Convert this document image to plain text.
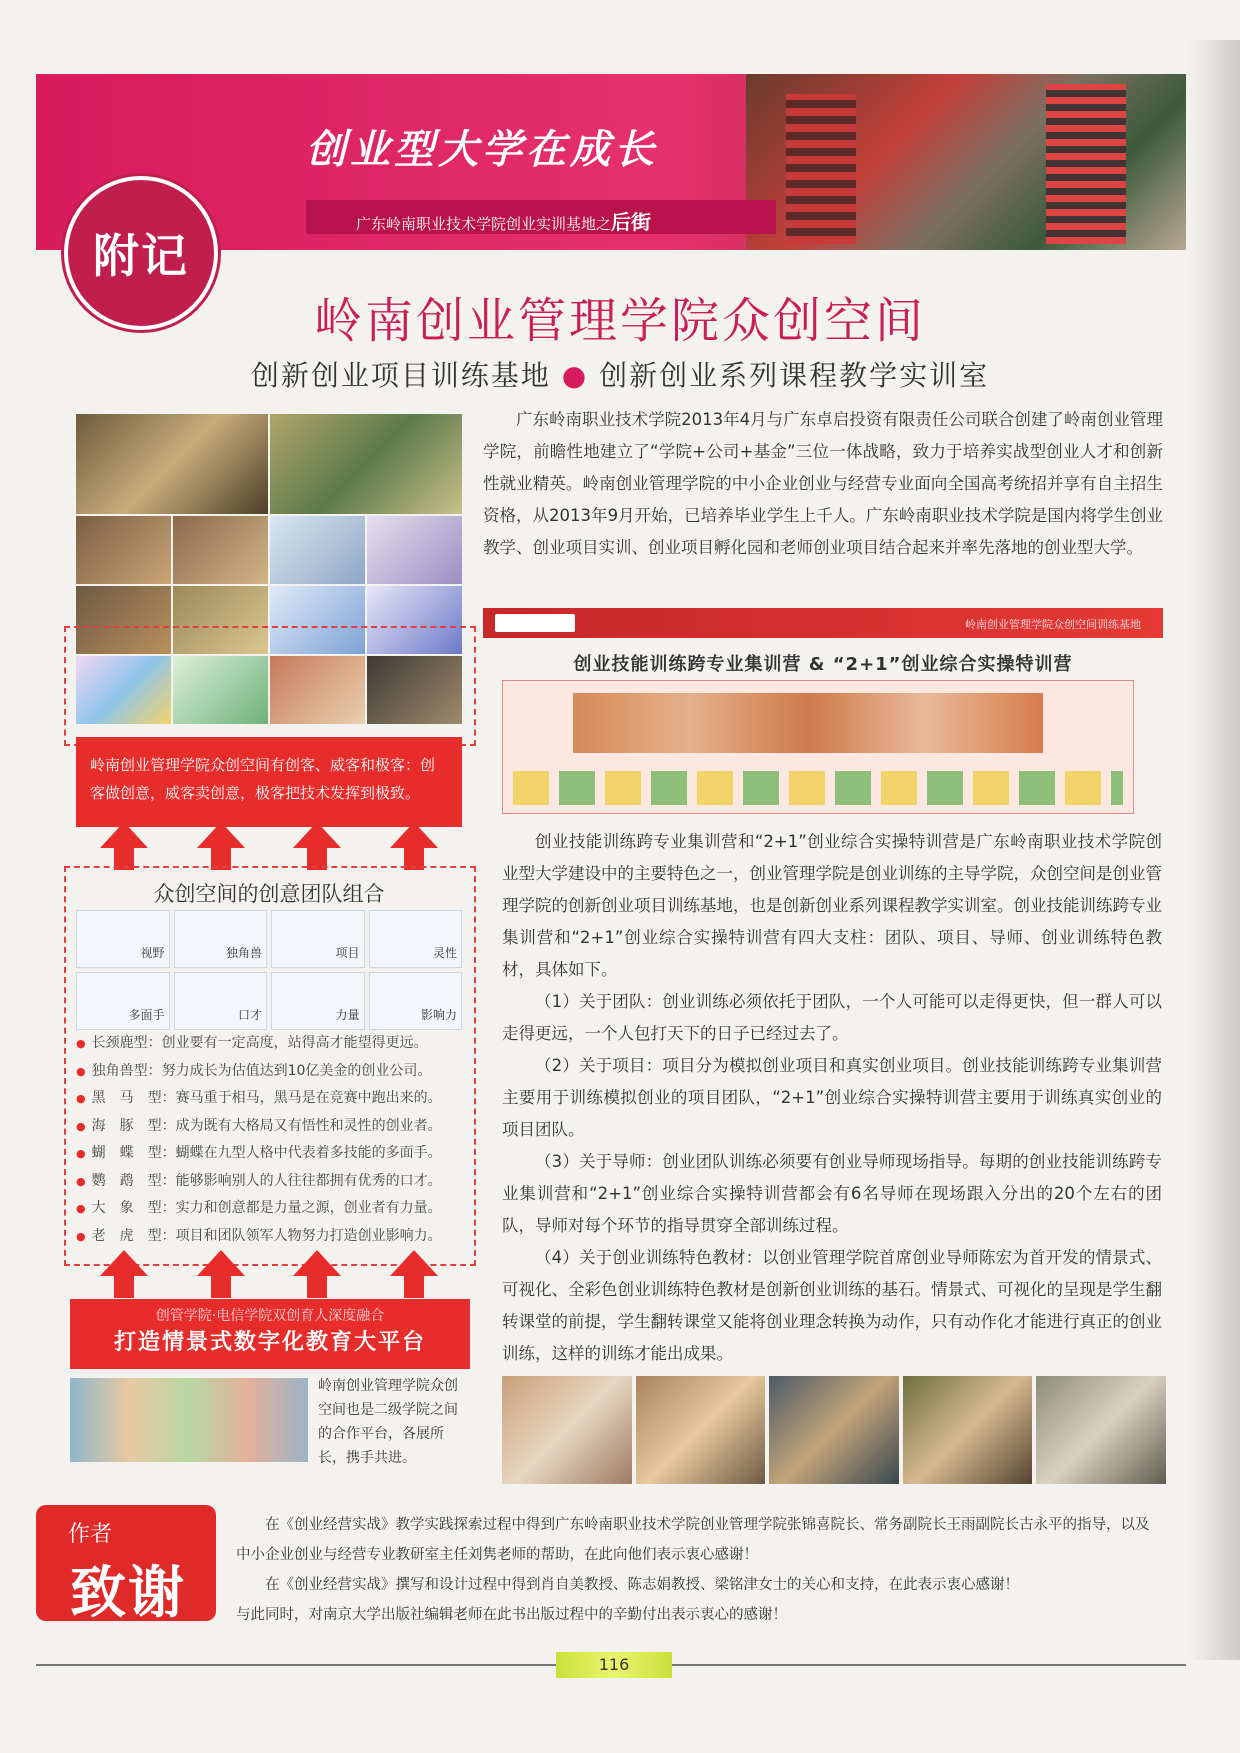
创业型大学在成长
广东岭南职业技术学院创业实训基地之后街
附记
岭南创业管理学院众创空间
创新创业项目训练基地 ● 创新创业系列课程教学实训室
岭南创业管理学院众创空间有创客、威客和极客：创客做创意，威客卖创意，极客把技术发挥到极致。
众创空间的创意团队组合
视野	独角兽	项目	灵性
多面手	口才	力量	影响力
● 长颈鹿型：创业要有一定高度，站得高才能望得更远。
● 独角兽型：努力成长为估值达到10亿美金的创业公司。
● 黑　马　型：赛马重于相马，黑马是在竞赛中跑出来的。
● 海　豚　型：成为既有大格局又有悟性和灵性的创业者。
● 蝴　蝶　型：蝴蝶在九型人格中代表着多技能的多面手。
● 鹦　鹉　型：能够影响别人的人往往都拥有优秀的口才。
● 大　象　型：实力和创意都是力量之源，创业者有力量。
● 老　虎　型：项目和团队领军人物努力打造创业影响力。
创管学院·电信学院双创育人深度融合
打造情景式数字化教育大平台
岭南创业管理学院众创空间也是二级学院之间的合作平台，各展所长，携手共进。

广东岭南职业技术学院2013年4月与广东卓启投资有限责任公司联合创建了岭南创业管理学院，前瞻性地建立了“学院+公司+基金”三位一体战略，致力于培养实战型创业人才和创新性就业精英。岭南创业管理学院的中小企业创业与经营专业面向全国高考统招并享有自主招生资格，从2013年9月开始，已培养毕业学生上千人。广东岭南职业技术学院是国内将学生创业教学、创业项目实训、创业项目孵化园和老师创业项目结合起来并率先落地的创业型大学。

岭南创业管理学院众创空间训练基地
创业技能训练跨专业集训营 & “2+1”创业综合实操特训营

创业技能训练跨专业集训营和“2+1”创业综合实操特训营是广东岭南职业技术学院创业型大学建设中的主要特色之一，创业管理学院是创业训练的主导学院，众创空间是创业管理学院的创新创业项目训练基地，也是创新创业系列课程教学实训室。创业技能训练跨专业集训营和“2+1”创业综合实操特训营有四大支柱：团队、项目、导师、创业训练特色教材，具体如下。

（1）关于团队：创业训练必须依托于团队，一个人可能可以走得更快，但一群人可以走得更远，一个人包打天下的日子已经过去了。

（2）关于项目：项目分为模拟创业项目和真实创业项目。创业技能训练跨专业集训营主要用于训练模拟创业的项目团队，“2+1”创业综合实操特训营主要用于训练真实创业的项目团队。

（3）关于导师：创业团队训练必须要有创业导师现场指导。每期的创业技能训练跨专业集训营和“2+1”创业综合实操特训营都会有6名导师在现场跟入分出的20个左右的团队，导师对每个环节的指导贯穿全部训练过程。

（4）关于创业训练特色教材：以创业管理学院首席创业导师陈宏为首开发的情景式、可视化、全彩色创业训练特色教材是创新创业训练的基石。情景式、可视化的呈现是学生翻转课堂的前提，学生翻转课堂又能将创业理念转换为动作，只有动作化才能进行真正的创业训练，这样的训练才能出成果。

作者
致谢

在《创业经营实战》教学实践探索过程中得到广东岭南职业技术学院创业管理学院张锦喜院长、常务副院长王雨副院长古永平的指导，以及中小企业创业与经营专业教研室主任刘隽老师的帮助，在此向他们表示衷心感谢！

在《创业经营实战》撰写和设计过程中得到肖自美教授、陈志娟教授、梁铭津女士的关心和支持，在此表示衷心感谢！

与此同时，对南京大学出版社编辑老师在此书出版过程中的辛勤付出表示衷心的感谢！

116
